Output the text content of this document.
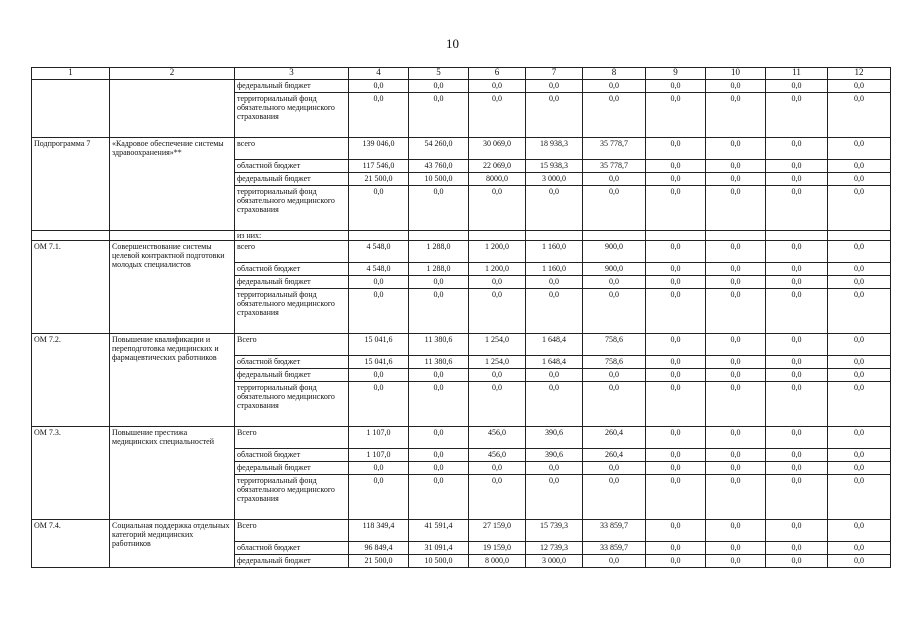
10
1	2	3	4	5	6	7	8	9	10	11	12
		федеральный бюджет	0,0	0,0	0,0	0,0	0,0	0,0	0,0	0,0	0,0
		территориальный фонд обязательного медицинского страхования	0,0	0,0	0,0	0,0	0,0	0,0	0,0	0,0	0,0
Подпрограмма 7	«Кадровое обеспечение системы здравоохранения»**	всего	139 046,0	54 260,0	30 069,0	18 938,3	35 778,7	0,0	0,0	0,0	0,0
		областной бюджет	117 546,0	43 760,0	22 069,0	15 938,3	35 778,7	0,0	0,0	0,0	0,0
		федеральный бюджет	21 500,0	10 500,0	8000,0	3 000,0	0,0	0,0	0,0	0,0	0,0
		территориальный фонд обязательного медицинского страхования	0,0	0,0	0,0	0,0	0,0	0,0	0,0	0,0	0,0
		из них:									
ОМ 7.1.	Совершенствование системы целевой контрактной подготовки молодых специалистов	всего	4 548,0	1 288,0	1 200,0	1 160,0	900,0	0,0	0,0	0,0	0,0
		областной бюджет	4 548,0	1 288,0	1 200,0	1 160,0	900,0	0,0	0,0	0,0	0,0
		федеральный бюджет	0,0	0,0	0,0	0,0	0,0	0,0	0,0	0,0	0,0
		территориальный фонд обязательного медицинского страхования	0,0	0,0	0,0	0,0	0,0	0,0	0,0	0,0	0,0
ОМ 7.2.	Повышение квалификации и переподготовка медицинских и фармацевтических работников	Всего	15 041,6	11 380,6	1 254,0	1 648,4	758,6	0,0	0,0	0,0	0,0
		областной бюджет	15 041,6	11 380,6	1 254,0	1 648,4	758,6	0,0	0,0	0,0	0,0
		федеральный бюджет	0,0	0,0	0,0	0,0	0,0	0,0	0,0	0,0	0,0
		территориальный фонд обязательного медицинского страхования	0,0	0,0	0,0	0,0	0,0	0,0	0,0	0,0	0,0
ОМ 7.3.	Повышение престижа медицинских специальностей	Всего	1 107,0	0,0	456,0	390,6	260,4	0,0	0,0	0,0	0,0
		областной бюджет	1 107,0	0,0	456,0	390,6	260,4	0,0	0,0	0,0	0,0
		федеральный бюджет	0,0	0,0	0,0	0,0	0,0	0,0	0,0	0,0	0,0
		территориальный фонд обязательного медицинского страхования	0,0	0,0	0,0	0,0	0,0	0,0	0,0	0,0	0,0
ОМ 7.4.	Социальная поддержка отдельных категорий медицинских работников	Всего	118 349,4	41 591,4	27 159,0	15 739,3	33 859,7	0,0	0,0	0,0	0,0
		областной бюджет	96 849,4	31 091,4	19 159,0	12 739,3	33 859,7	0,0	0,0	0,0	0,0
		федеральный бюджет	21 500,0	10 500,0	8 000,0	3 000,0	0,0	0,0	0,0	0,0	0,0
